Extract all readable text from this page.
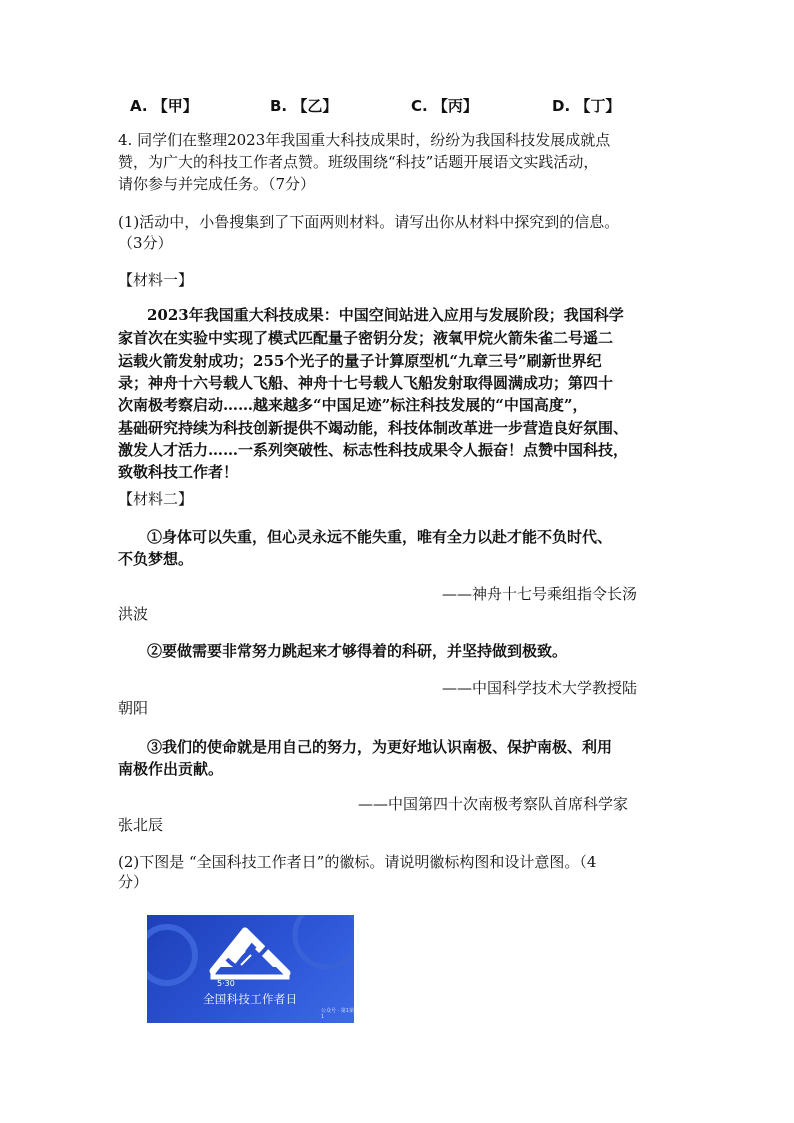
A. 【甲】	B. 【乙】	C. 【丙】	D. 【丁】
4. 同学们在整理2023年我国重大科技成果时，纷纷为我国科技发展成就点
赞，为广大的科技工作者点赞。班级围绕“科技”话题开展语文实践活动，
请你参与并完成任务。（7分）
(1)活动中，小鲁搜集到了下面两则材料。请写出你从材料中探究到的信息。
（3分）
【材料一】
2023年我国重大科技成果：中国空间站进入应用与发展阶段；我国科学
家首次在实验中实现了模式匹配量子密钥分发；液氧甲烷火箭朱雀二号遥二
运载火箭发射成功；255个光子的量子计算原型机“九章三号”刷新世界纪
录；神舟十六号载人飞船、神舟十七号载人飞船发射取得圆满成功；第四十
次南极考察启动……越来越多“中国足迹”标注科技发展的“中国高度”，
基础研究持续为科技创新提供不竭动能，科技体制改革进一步营造良好氛围、
激发人才活力……一系列突破性、标志性科技成果令人振奋！点赞中国科技，
致敬科技工作者！
【材料二】
①身体可以失重，但心灵永远不能失重，唯有全力以赴才能不负时代、
不负梦想。
——神舟十七号乘组指令长汤
洪波
②要做需要非常努力跳起来才够得着的科研，并坚持做到极致。
——中国科学技术大学教授陆
朝阳
③我们的使命就是用自己的努力，为更好地认识南极、保护南极、利用
南极作出贡献。
——中国第四十次南极考察队首席科学家
张北辰
(2)下图是 “全国科技工作者日”的徽标。请说明徽标构图和设计意图。（4
分）
5·30
全国科技工作者日
公众号 · 第1第1
